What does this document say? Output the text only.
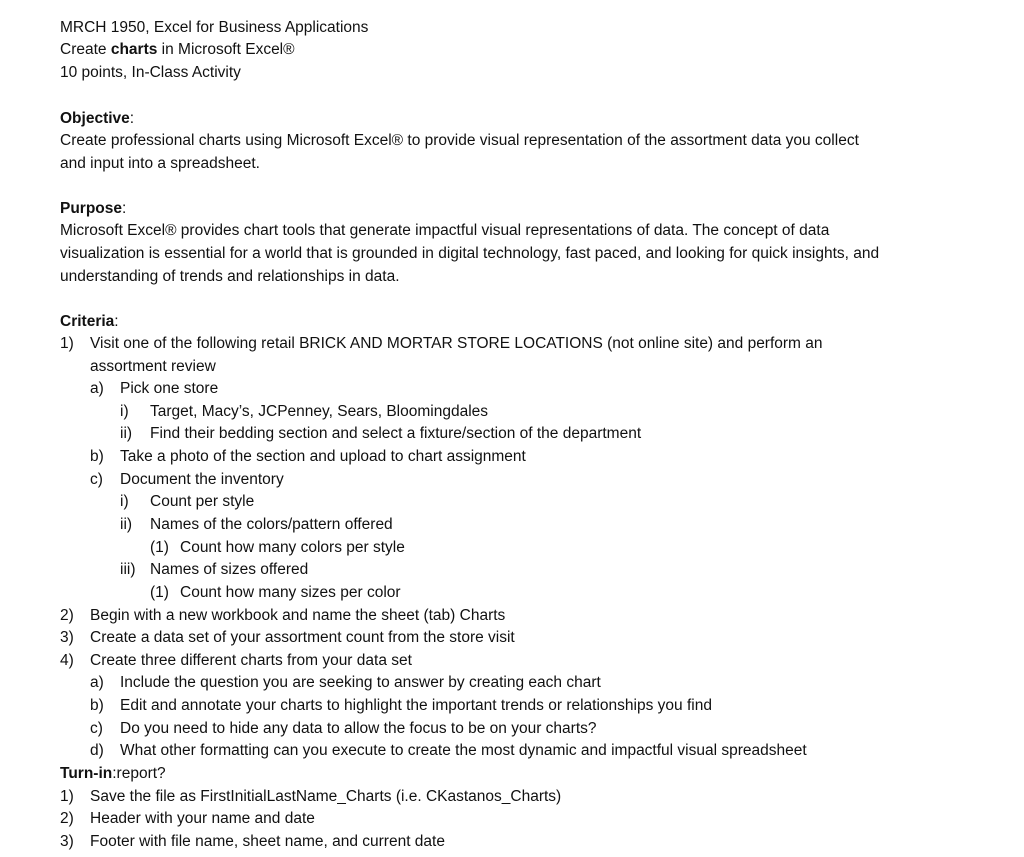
MRCH 1950, Excel for Business Applications
Create charts in Microsoft Excel®
10 points, In-Class Activity
Objective:
Create professional charts using Microsoft Excel® to provide visual representation of the assortment data you collect
and input into a spreadsheet.
Purpose:
Microsoft Excel® provides chart tools that generate impactful visual representations of data. The concept of data
visualization is essential for a world that is grounded in digital technology, fast paced, and looking for quick insights, and
understanding of trends and relationships in data.
Criteria:
1) Visit one of the following retail BRICK AND MORTAR STORE LOCATIONS (not online site) and perform an
assortment review
a) Pick one store
i) Target, Macy’s, JCPenney, Sears, Bloomingdales
ii) Find their bedding section and select a fixture/section of the department
b) Take a photo of the section and upload to chart assignment
c) Document the inventory
i) Count per style
ii) Names of the colors/pattern offered
(1) Count how many colors per style
iii) Names of sizes offered
(1) Count how many sizes per color
2) Begin with a new workbook and name the sheet (tab) Charts
3) Create a data set of your assortment count from the store visit
4) Create three different charts from your data set
a) Include the question you are seeking to answer by creating each chart
b) Edit and annotate your charts to highlight the important trends or relationships you find
c) Do you need to hide any data to allow the focus to be on your charts?
d) What other formatting can you execute to create the most dynamic and impactful visual spreadsheet
Turn-in:report?
1) Save the file as FirstInitialLastName_Charts (i.e. CKastanos_Charts)
2) Header with your name and date
3) Footer with file name, sheet name, and current date
